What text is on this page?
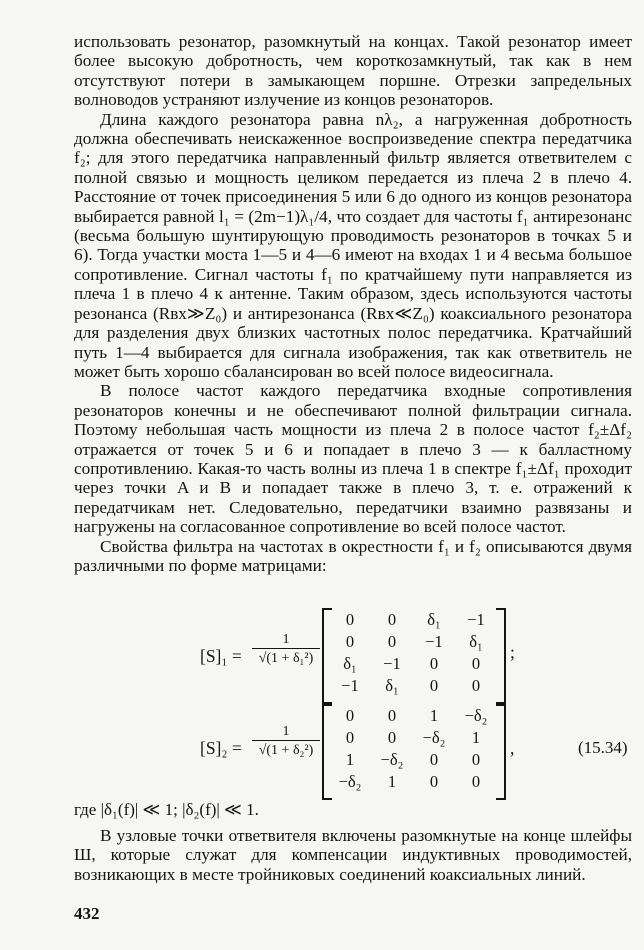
использовать резонатор, разомкнутый на концах. Такой резонатор имеет более высокую добротность, чем короткозамкнутый, так как в нем отсутствуют потери в замыкающем поршне. Отрезки запредельных волноводов устраняют излучение из концов резонаторов.

Длина каждого резонатора равна nλ₂, а нагруженная добротность должна обеспечивать неискаженное воспроизведение спектра передатчика f₂; для этого передатчика направленный фильтр является ответвителем с полной связью и мощность целиком передается из плеча 2 в плечо 4. Расстояние от точек присоединения 5 или 6 до одного из концов резонатора выбирается равной l₁ = (2m−1)λ₁/4, что создает для частоты f₁ антирезонанс (весьма большую шунтирующую проводимость резонаторов в точках 5 и 6). Тогда участки моста 1—5 и 4—6 имеют на входах 1 и 4 весьма большое сопротивление. Сигнал частоты f₁ по кратчайшему пути направляется из плеча 1 в плечо 4 к антенне. Таким образом, здесь используются частоты резонанса (Rвх≫Z₀) и антирезонанса (Rвх≪Z₀) коаксиального резонатора для разделения двух близких частотных полос передатчика. Кратчайший путь 1—4 выбирается для сигнала изображения, так как ответвитель не может быть хорошо сбалансирован во всей полосе видеосигнала.

В полосе частот каждого передатчика входные сопротивления резонаторов конечны и не обеспечивают полной фильтрации сигнала. Поэтому небольшая часть мощности из плеча 2 в полосе частот f₂±Δf₂ отражается от точек 5 и 6 и попадает в плечо 3 — к балластному сопротивлению. Какая-то часть волны из плеча 1 в спектре f₁±Δf₁ проходит через точки A и B и попадает также в плечо 3, т. е. отражений к передатчикам нет. Следовательно, передатчики взаимно развязаны и нагружены на согласованное сопротивление во всей полосе частот.

Свойства фильтра на частотах в окрестности f₁ и f₂ описываются двумя различными по форме матрицами:

$[S]_1 = \frac{1}{\text{√(1 + δ₁²)}}$
0	0	δ₁	−1
0	0	−1	δ₁
δ₁	−1	0	0
−1	δ₁	0	0
;
$[S]_2 = \frac{1}{\text{√(1 + δ₂²)}}$
0	0	1	−δ₂
0	0	−δ₂	1
1	−δ₂	0	0
−δ₂	1	0	0
,	(15.34)
где |δ₁(f)| ≪ 1; |δ₂(f)| ≪ 1.

В узловые точки ответвителя включены разомкнутые на конце шлейфы Ш, которые служат для компенсации индуктивных проводимостей, возникающих в месте тройниковых соединений коаксиальных линий.

432
